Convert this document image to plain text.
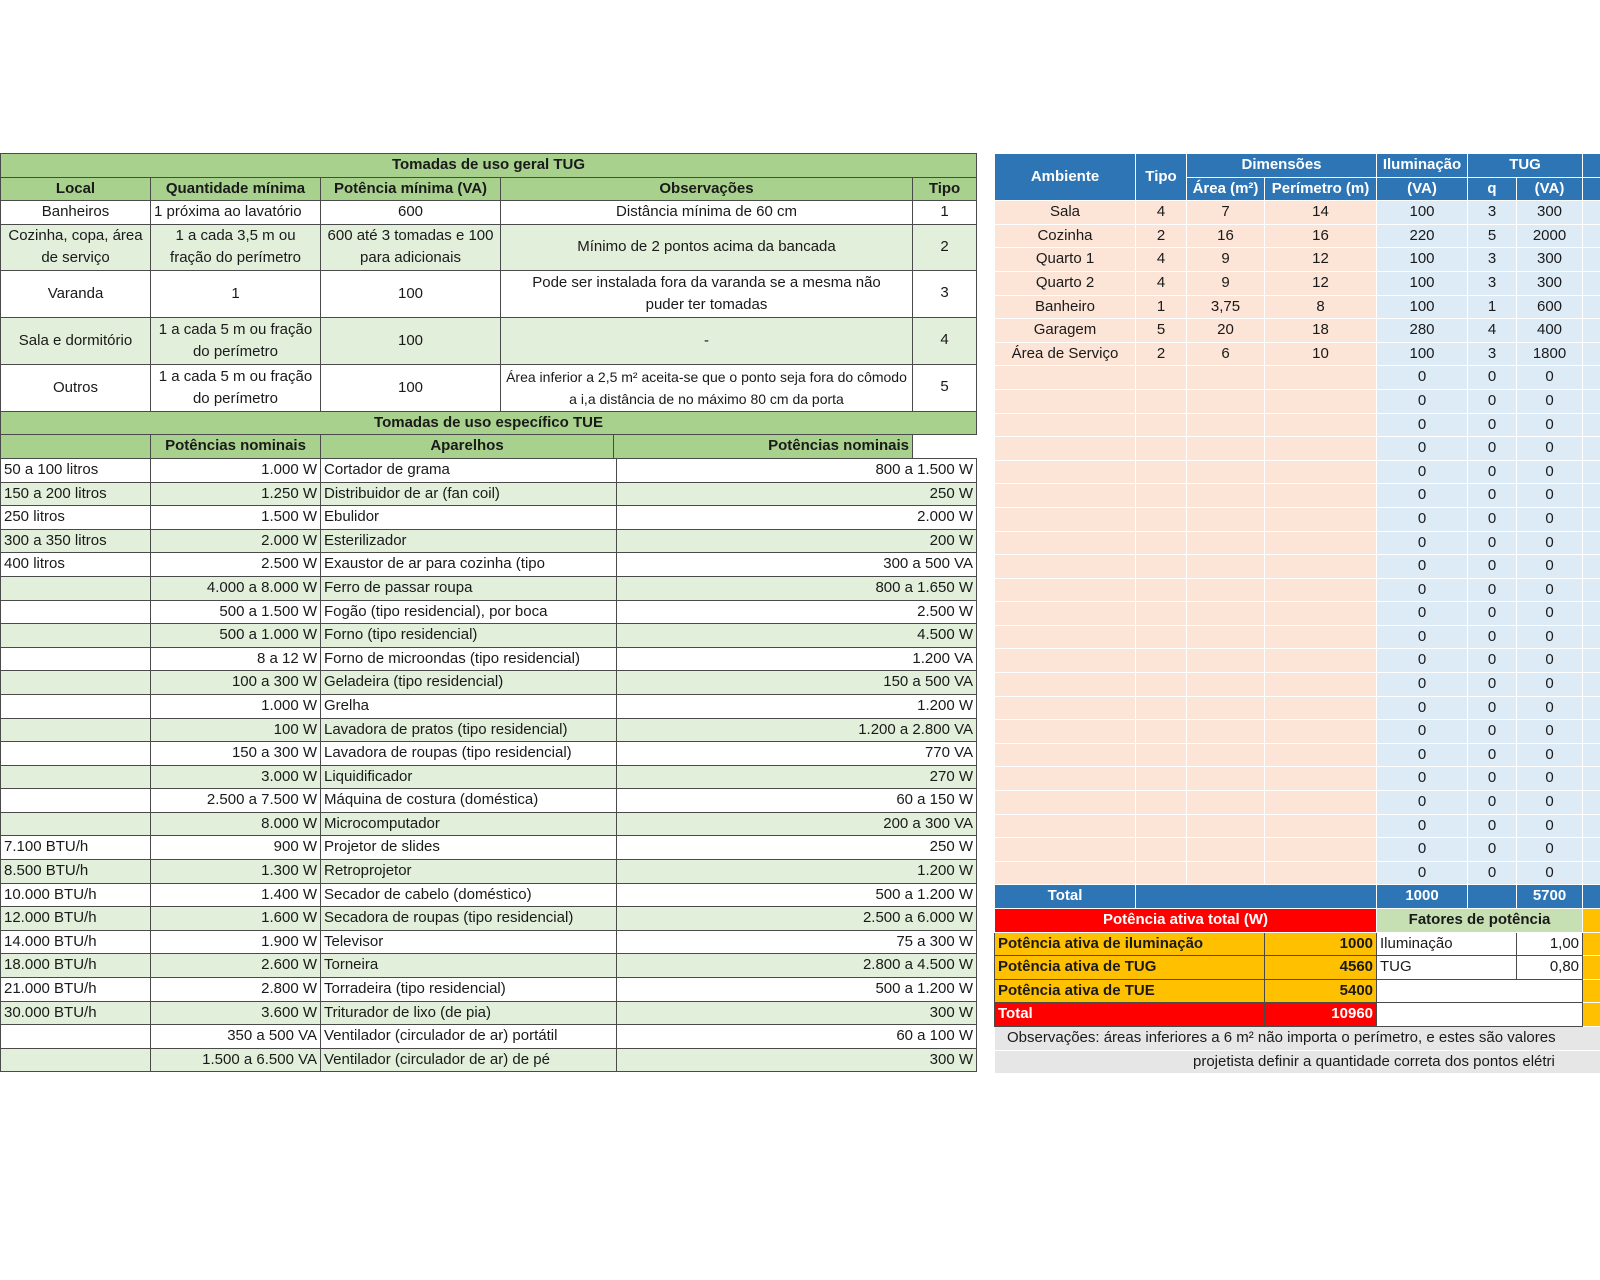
Tomadas de uso geral TUG				
Local	Quantidade mínima	Potência mínima (VA)	Observações	Tipo
Banheiros	1 próxima ao lavatório	600	Distância mínima de 60 cm	1
Cozinha, copa, área de serviço	1 a cada 3,5 m ou fração do perímetro	600 até 3 tomadas e 100 para adicionais	Mínimo de 2 pontos acima da bancada	2
Varanda	1	100	Pode ser instalada fora da varanda se a mesma não puder ter tomadas	3
Sala e dormitório	1 a cada 5 m ou fração do perímetro	100	-	4
Outros	1 a cada 5 m ou fração do perímetro	100	Área inferior a 2,5 m² aceita-se que o ponto seja fora do cômodo a i,a distância de no máximo 80 cm da porta	5
Tomadas de uso específico TUE				
	Potências nominais	Aparelhos Potências nominais		

50 a 100 litros	1.000 W	Cortador de grama 800 a 1.500 W		

150 a 200 litros	1.250 W	Distribuidor de ar (fan coil) 250 W		

250 litros	1.500 W	Ebulidor 2.000 W		

300 a 350 litros	2.000 W	Esterilizador 200 W		

400 litros	2.500 W	Exaustor de ar para cozinha (tipo 300 a 500 VA		

	4.000 a 8.000 W	Ferro de passar roupa 800 a 1.650 W		

	500 a 1.500 W	Fogão (tipo residencial), por boca 2.500 W		

	500 a 1.000 W	Forno (tipo residencial) 4.500 W		

	8 a 12 W	Forno de microondas (tipo residencial) 1.200 VA		

	100 a 300 W	Geladeira (tipo residencial) 150 a 500 VA		

	1.000 W	Grelha 1.200 W		

	100 W	Lavadora de pratos (tipo residencial) 1.200 a 2.800 VA		

	150 a 300 W	Lavadora de roupas (tipo residencial) 770 VA		

	3.000 W	Liquidificador 270 W		

	2.500 a 7.500 W	Máquina de costura (doméstica) 60 a 150 W		

	8.000 W	Microcomputador 200 a 300 VA		

7.100 BTU/h	900 W	Projetor de slides 250 W		

8.500 BTU/h	1.300 W	Retroprojetor 1.200 W		

10.000 BTU/h	1.400 W	Secador de cabelo (doméstico) 500 a 1.200 W		

12.000 BTU/h	1.600 W	Secadora de roupas (tipo residencial) 2.500 a 6.000 W		

14.000 BTU/h	1.900 W	Televisor 75 a 300 W		

18.000 BTU/h	2.600 W	Torneira 2.800 a 4.500 W		

21.000 BTU/h	2.800 W	Torradeira (tipo residencial) 500 a 1.200 W		

30.000 BTU/h	3.600 W	Triturador de lixo (de pia) 300 W		

	350 a 500 VA	Ventilador (circulador de ar) portátil 60 a 100 W		

	1.500 a 6.500 VA	Ventilador (circulador de ar) de pé 300 W		
Ambiente	Tipo	Dimensões		Iluminação	TUG		
		Área (m²)	Perímetro (m)	(VA)	q	(VA)	
Sala	4	7	14	100	3	300	
Cozinha	2	16	16	220	5	2000	
Quarto 1	4	9	12	100	3	300	
Quarto 2	4	9	12	100	3	300	
Banheiro	1	3,75	8	100	1	600	
Garagem	5	20	18	280	4	400	
Área de Serviço	2	6	10	100	3	1800	
				0	0	0	
				0	0	0	
				0	0	0	
				0	0	0	
				0	0	0	
				0	0	0	
				0	0	0	
				0	0	0	
				0	0	0	
				0	0	0	
				0	0	0	
				0	0	0	
				0	0	0	
				0	0	0	
				0	0	0	
				0	0	0	
				0	0	0	
				0	0	0	
				0	0	0	
				0	0	0	
				0	0	0	
				0	0	0	
Total				1000		5700	
Potência ativa total (W)				Fatores de potência			
Potência ativa de iluminação			1000	Iluminação		1,00	
Potência ativa de TUG			4560	TUG		0,80	
Potência ativa de TUE			5400				
Total			10960				
Observações: áreas inferiores a 6 m² não importa o perímetro, e estes são valores							
projetista definir a quantidade correta dos pontos elétri							
